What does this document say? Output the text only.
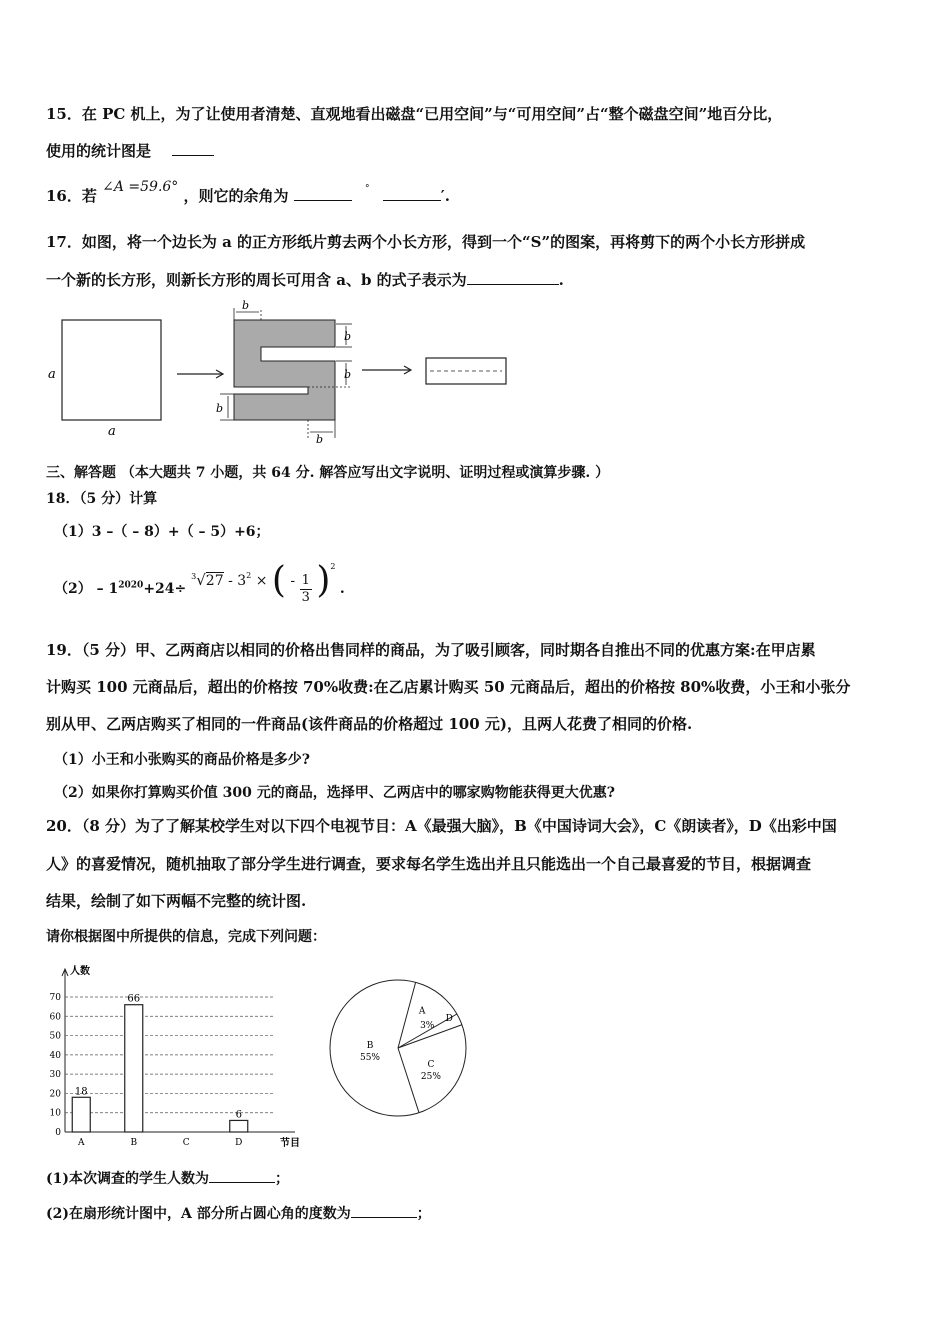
15．在 PC 机上，为了让使用者清楚、直观地看出磁盘“已用空间”与“可用空间”占“整个磁盘空间”地百分比，
使用的统计图是
16．若 ∠A =59.6° ，则它的余角为	°	′.
17．如图，将一个边长为 a 的正方形纸片剪去两个小长方形，得到一个“S”的图案，再将剪下的两个小长方形拼成
一个新的长方形，则新长方形的周长可用含 a、b 的式子表示为	.
a
a
b
b
b
b
b
三、解答题 （本大题共 7 小题，共 64 分. 解答应写出文字说明、证明过程或演算步骤. ）
18．（5 分）计算
（1）3 –（ – 8）+（ – 5）+6；
$(2) - 1^{2020}+24\div ^3√27 - 3^2$ × ( - $\frac{1}{3} )^2$ .
19．（5 分）甲、乙两商店以相同的价格出售同样的商品，为了吸引顾客，同时期各自推出不同的优惠方案:在甲店累
计购买 100 元商品后，超出的价格按 70%收费:在乙店累计购买 50 元商品后，超出的价格按 80%收费，小王和小张分
别从甲、乙两店购买了相同的一件商品(该件商品的价格超过 100 元)，且两人花费了相同的价格.
（1）小王和小张购买的商品价格是多少?
（2）如果你打算购买价值 300 元的商品，选择甲、乙两店中的哪家购物能获得更大优惠?
20．（8 分）为了了解某校学生对以下四个电视节目：A《最强大脑》，B《中国诗词大会》，C《朗读者》，D《出彩中国
人》的喜爱情况，随机抽取了部分学生进行调查，要求每名学生选出并且只能选出一个自己最喜爱的节目，根据调查
结果，绘制了如下两幅不完整的统计图.
请你根据图中所提供的信息，完成下列问题：
人数
节目
0
10
20
30
40
50
60
70
A
18
B
66
C	D
6
A
B
55%
C
25%
D
3%
(1)本次调查的学生人数为	；
(2)在扇形统计图中，A 部分所占圆心角的度数为	；
